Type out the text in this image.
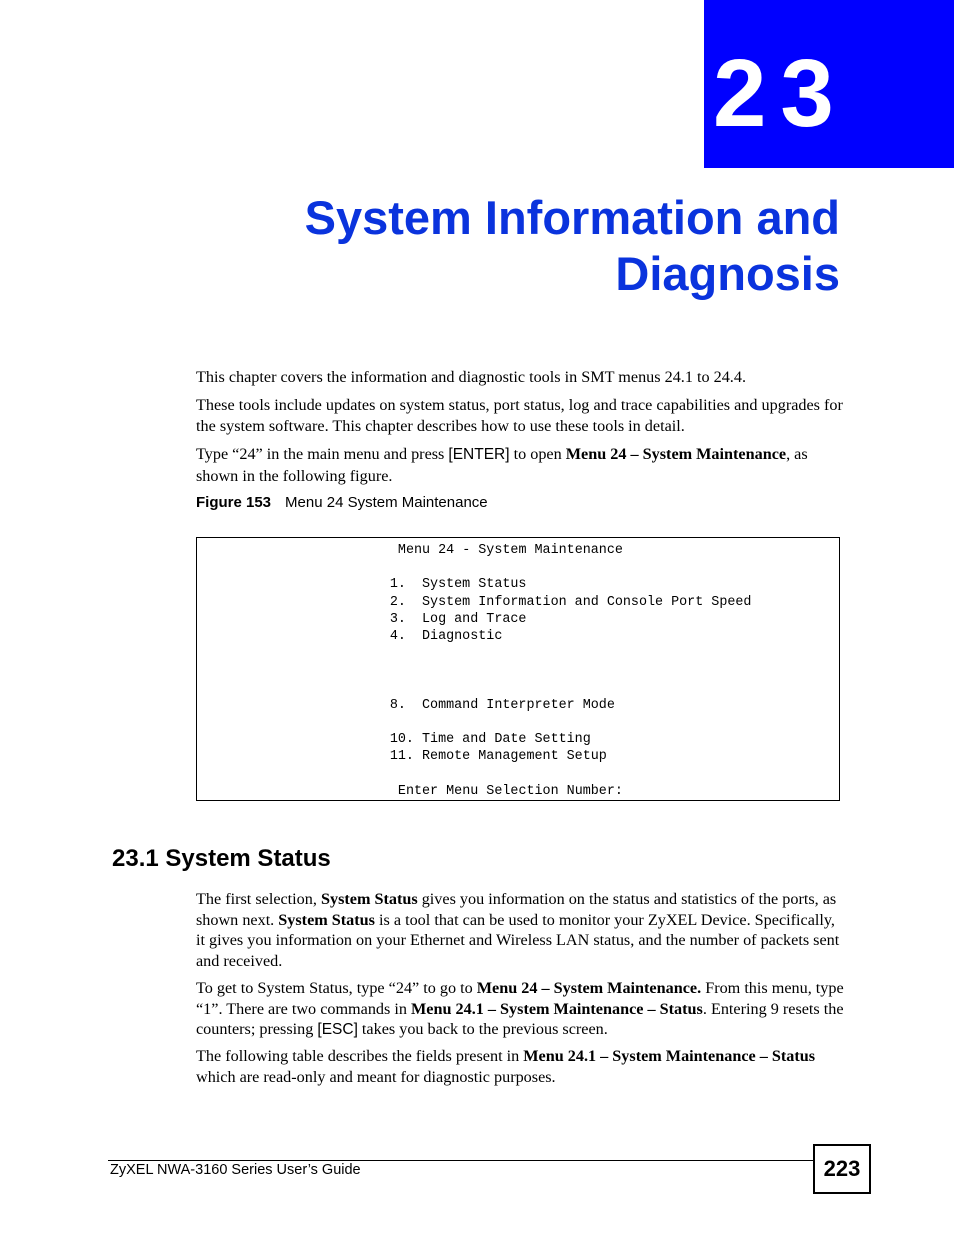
23
System Information and
Diagnosis

This chapter covers the information and diagnostic tools in SMT menus 24.1 to 24.4.

These tools include updates on system status, port status, log and trace capabilities and upgrades for the system software. This chapter describes how to use these tools in detail.

Type “24” in the main menu and press [ENTER] to open Menu 24 – System Maintenance, as shown in the following figure.

Figure 153 Menu 24 System Maintenance
Menu 24 - System Maintenance

1.  System Status
2.  System Information and Console Port Speed
3.  Log and Trace
4.  Diagnostic

8.  Command Interpreter Mode

10. Time and Date Setting
11. Remote Management Setup

Enter Menu Selection Number:
23.1 System Status

The first selection, System Status gives you information on the status and statistics of the ports, as shown next. System Status is a tool that can be used to monitor your ZyXEL Device. Specifically, it gives you information on your Ethernet and Wireless LAN status, and the number of packets sent and received.

To get to System Status, type “24” to go to Menu 24 – System Maintenance. From this menu, type “1”. There are two commands in Menu 24.1 – System Maintenance – Status. Entering 9 resets the counters; pressing [ESC] takes you back to the previous screen.

The following table describes the fields present in Menu 24.1 – System Maintenance – Status which are read-only and meant for diagnostic purposes.

ZyXEL NWA-3160 Series User’s Guide	223
